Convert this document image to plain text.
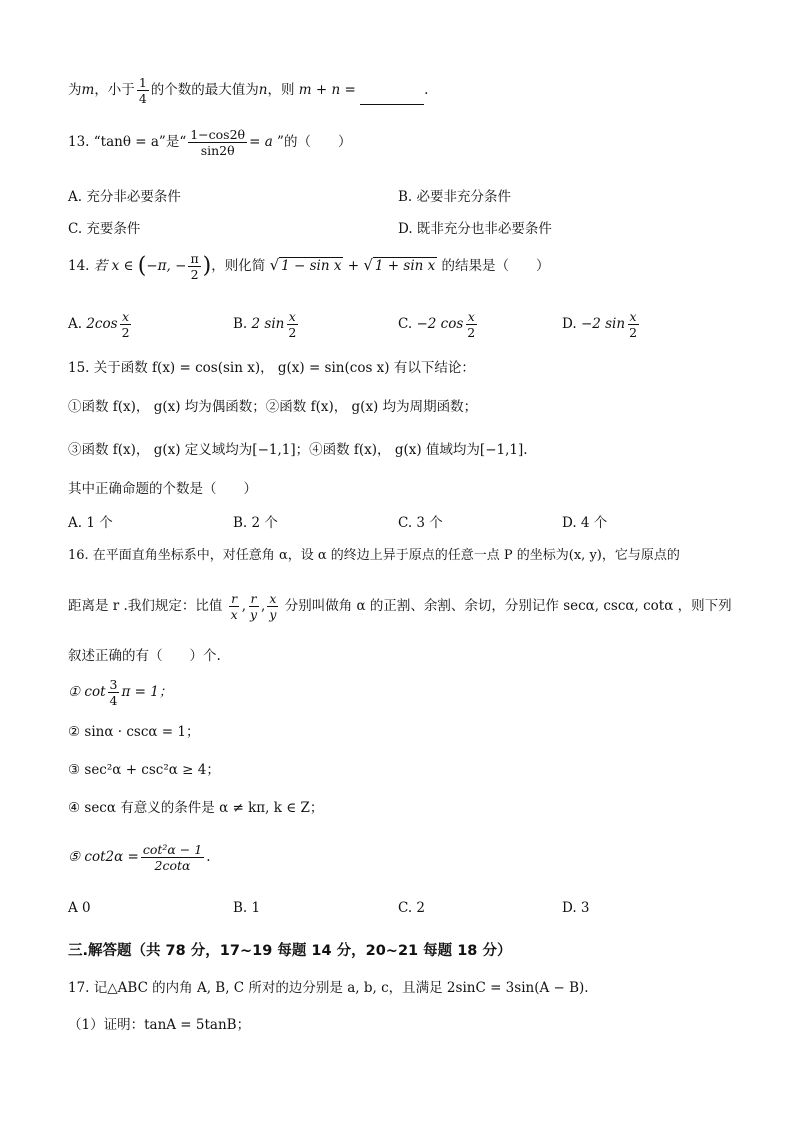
为m，小于 $\frac{1}{4}$ 的个数的最大值为n，则 m + n =	.
13. “tanθ = a”是“ $\frac{1-\cos 2\theta}{\sin 2\theta} = a$ ”的（　　）
A. 充分非必要条件	B. 必要非充分条件
C. 充要条件	D. 既非充分也非必要条件
14. 若 x ∈ (−π, − $\frac{\pi}{2}$ )，则化简 √ 1 − sin x + √ 1 + sin x 的结果是（　　）
A. $2\cos \frac{x}{2}$	B. 2 $\sin \frac{x}{2}$	C. −2 $\cos \frac{x}{2}$	D. −2 $\sin \frac{x}{2}$
15. 关于函数 f(x) = cos(sin x)， g(x) = sin(cos x) 有以下结论：
①函数 f(x)， g(x) 均为偶函数；②函数 f(x)， g(x) 均为周期函数；
③函数 f(x)， g(x) 定义域均为[−1,1]；④函数 f(x)， g(x) 值域均为[−1,1].
其中正确命题的个数是（　　）
A. 1 个	B. 2 个	C. 3 个	D. 4 个
16. 在平面直角坐标系中，对任意角 α，设 α 的终边上异于原点的任意一点 P 的坐标为(x, y)，它与原点的
距离是 r .我们规定：比值 $\frac{r}{x}$ , $\frac{r}{y}$ , $\frac{x}{y}$ 分别叫做角 α 的正割、余割、余切，分别记作 secα, cscα, cotα ，则下列
叙述正确的有（　　）个.
① $\cot \frac{3}{4}$ π = 1；
② sinα · cscα = 1；
③ sec²α + csc²α ≥ 4；
④ secα 有意义的条件是 α ≠ kπ, k ∈ Z；
⑤ $\cot 2\alpha = \frac{\text{cot²α − 1}}{2\cot\alpha}$ .
A 0	B. 1	C. 2	D. 3
三.解答题（共 78 分，17~19 每题 14 分，20~21 每题 18 分）
17. 记△ABC 的内角 A, B, C 所对的边分别是 a, b, c，且满足 2sinC = 3sin(A − B).
（1）证明：tanA = 5tanB；
